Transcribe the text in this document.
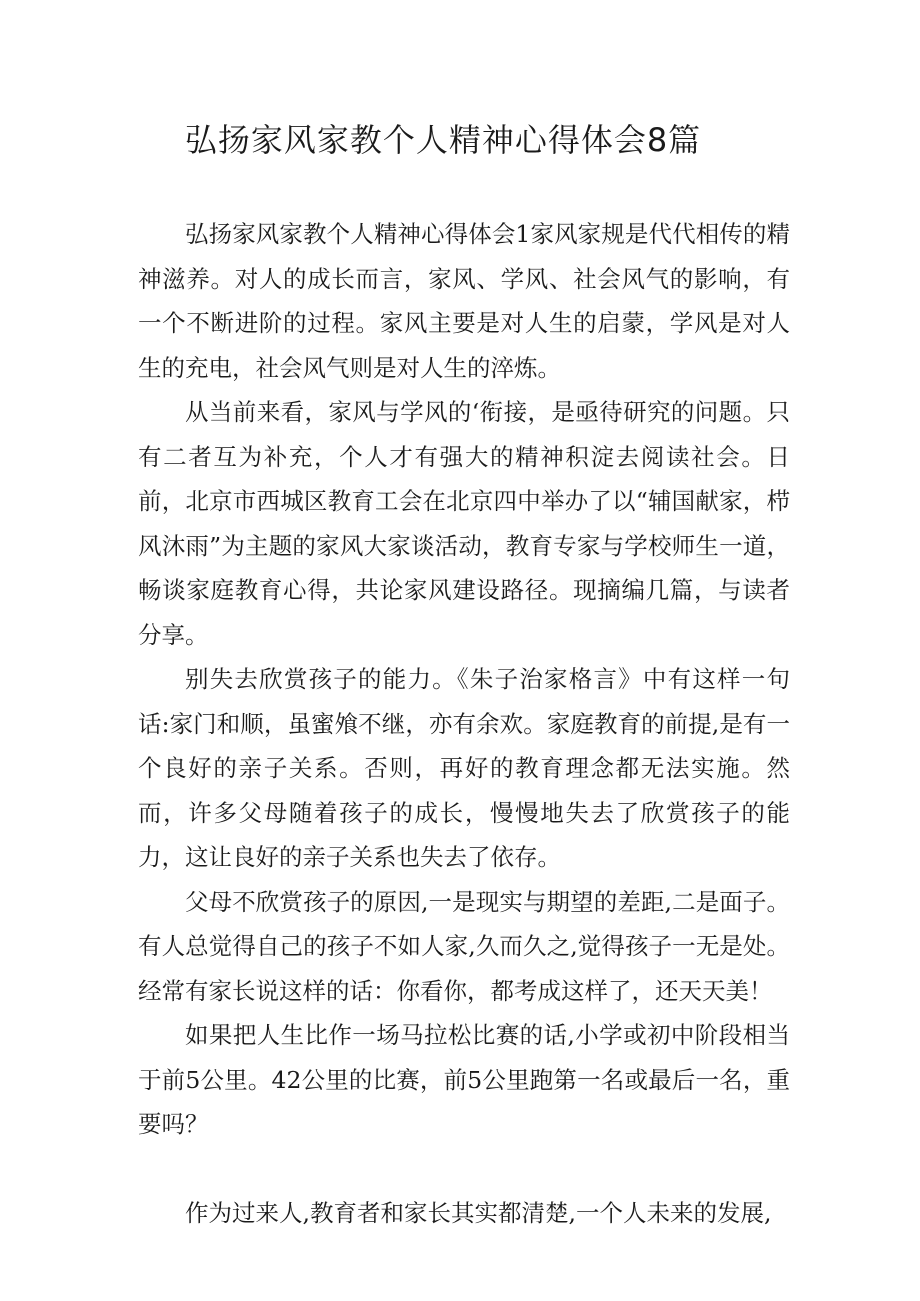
弘扬家风家教个人精神心得体会8篇

弘扬家风家教个人精神心得体会1家风家规是代代相传的精神滋养。对人的成长而言，家风、学风、社会风气的影响，有一个不断进阶的过程。家风主要是对人生的启蒙，学风是对人生的充电，社会风气则是对人生的淬炼。

从当前来看，家风与学风的‘衔接，是亟待研究的问题。只有二者互为补充，个人才有强大的精神积淀去阅读社会。日前，北京市西城区教育工会在北京四中举办了以“辅国献家，栉风沐雨”为主题的家风大家谈活动，教育专家与学校师生一道，畅谈家庭教育心得，共论家风建设路径。现摘编几篇，与读者分享。

别失去欣赏孩子的能力。《朱子治家格言》中有这样一句话:家门和顺，虽蜜飧不继，亦有余欢。家庭教育的前提,是有一个良好的亲子关系。否则，再好的教育理念都无法实施。然而，许多父母随着孩子的成长，慢慢地失去了欣赏孩子的能力，这让良好的亲子关系也失去了依存。

父母不欣赏孩子的原因,一是现实与期望的差距,二是面子。有人总觉得自己的孩子不如人家,久而久之,觉得孩子一无是处。经常有家长说这样的话：你看你，都考成这样了，还天天美！

如果把人生比作一场马拉松比赛的话,小学或初中阶段相当于前5公里。42公里的比赛，前5公里跑第一名或最后一名，重要吗？

作为过来人,教育者和家长其实都清楚,一个人未来的发展,
